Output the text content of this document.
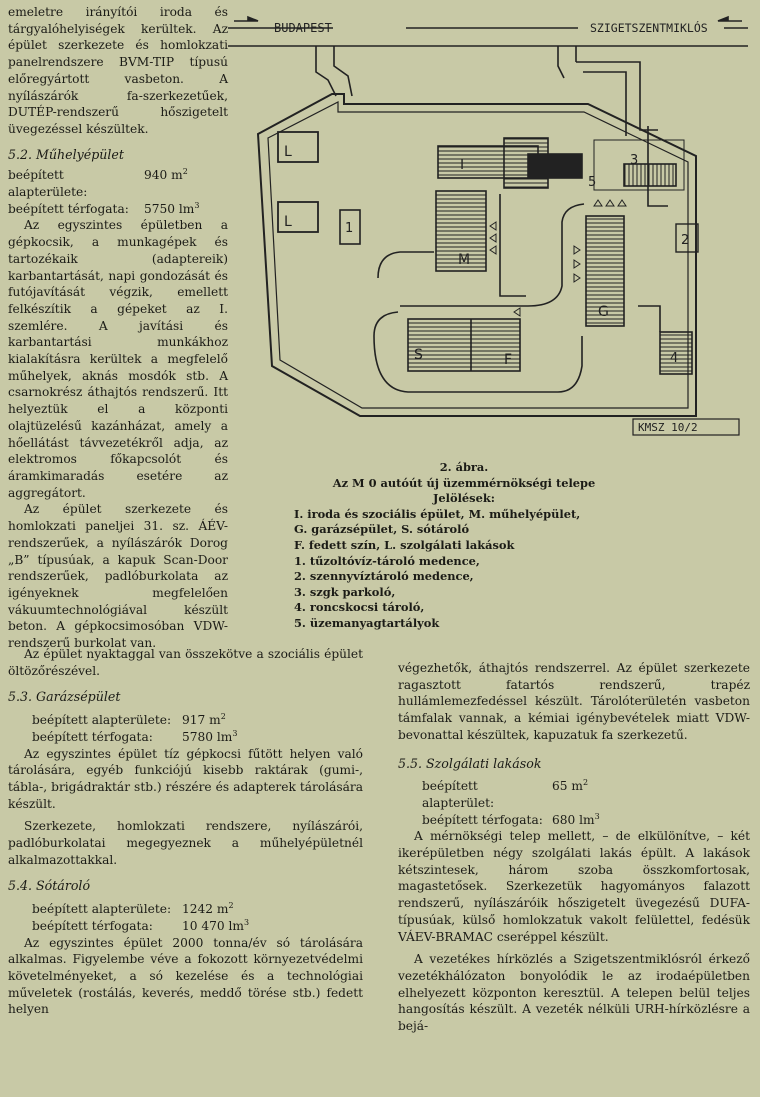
emeletre irányítói iroda és tárgyalóhelyiségek kerültek. Az épület szerkezete és homlokzati panelrendszere BVM-TIP típusú előregyártott vasbeton. A nyílászárók fa-szerkezetűek, DUTÉP-rendszerű hőszigetelt üvegezéssel készültek.

5.2. Műhelyépület
beépített alapterülete:
940 $m^2$
beépített térfogata:	5750 $lm^3$

Az egyszintes épületben a gépkocsik, a munkagépek és tartozékaik (adaptereik) karbantartását, napi gondozását és futójavítását végzik, emellett felkészítik a gépeket az I. szemlére. A javítási és karbantartási munkákhoz kialakításra kerültek a megfelelő műhelyek, aknás mosdók stb. A csarnokrész áthajtós rendszerű. Itt helyeztük el a központi olajtüzelésű kazánházat, amely a hőellátást távvezetékről adja, az elektromos főkapcsolót és áramkimaradás esetére az aggregátort.

Az épület szerkezete és homlokzati paneljei 31. sz. ÁÉV-rendszerűek, a nyílászárók Dorog „B” típusúak, a kapuk Scan-Door rendszerűek, padlóburkolata az igényeknek megfelelően vákuumtechnológiával készült beton. A gépkocsimosóban VDW-rendszerű burkolat van.

BUDAPEST	SZIGETSZENTMIKLÓS
I
M
G
S	F
L
L	1
2
3
4
5
KMSZ 10/2
2. ábra.
Az M 0 autóút új üzemmérnökségi telepe
Jelölések:
I. iroda és szociális épület, M. műhelyépület,
G. garázsépület, S. sótároló
F. fedett szín, L. szolgálati lakások
1. tűzoltóvíz-tároló medence,
2. szennyvíztároló medence,
3. szgk parkoló,
4. roncskocsi tároló,
5. üzemanyagtartályok

Az épület nyaktaggal van összekötve a szociális épület öltözőrészével.

5.3. Garázsépület
beépített alapterülete: 917 $m^2$
beépített térfogata:	5780 $lm^3$

Az egyszintes épület tíz gépkocsi fűtött helyen való tárolására, egyéb funkciójú kisebb raktárak (gumi-, tábla-, brigádraktár stb.) részére és adapterek tárolására készült.

Szerkezete, homlokzati rendszere, nyílászárói, padlóburkolatai megegyeznek a műhelyépületnél alkalmazottakkal.

5.4. Sótároló
beépített alapterülete: 1242 $m^2$
beépített térfogata:	10 470 $lm^3$

Az egyszintes épület 2000 tonna/év só tárolására alkalmas. Figyelembe véve a fokozott környezetvédelmi követelményeket, a só kezelése és a technológiai műveletek (rostálás, keverés, meddő törése stb.) fedett helyen

végezhetők, áthajtós rendszerrel. Az épület szerkezete ragasztott fatartós rendszerű, trapéz hullámlemezfedéssel készült. Tárolóterületén vasbeton támfalak vannak, a kémiai igénybevételek miatt VDW-bevonattal készültek, kapuzatuk fa szerkezetű.

5.5. Szolgálati lakások
beépített alapterület:
65 $m^2$
beépített térfogata: 680 $lm^3$

A mérnökségi telep mellett, – de elkülönítve, – két ikerépületben négy szolgálati lakás épült. A lakások kétszintesek, három szoba összkomfortosak, magastetősek. Szerkezetük hagyományos falazott rendszerű, nyílászáróik hőszigetelt üvegezésű DUFA-típusúak, külső homlokzatuk vakolt felülettel, fedésük VÁEV-BRAMAC cseréppel készült.

A vezetékes hírközlés a Szigetszentmiklósról érkező vezetékhálózaton bonyolódik le az irodaépületben elhelyezett központon keresztül. A telepen belül teljes hangosítás készült. A vezeték nélküli URH-hírközlésre a bejá-
